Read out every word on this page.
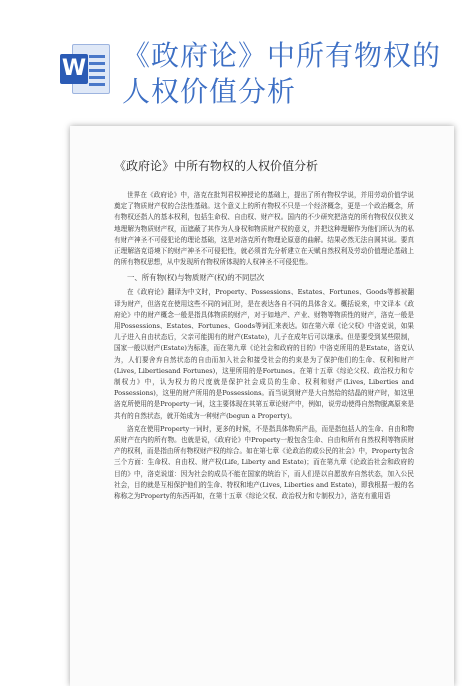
W 《政府论》中所有物权的人权价值分析
《政府论》中所有物权的人权价值分析

世界在《政府论》中，洛克在批判君权神授论的基础上，提出了所有物权学说，并用劳动价值学说奠定了物质财产权的合法性基础。这个意义上的所有物权不只是一个经济概念，更是一个政治概念，所有物权还指人的基本权利，包括生命权、自由权、财产权。国内的不少研究把洛克的所有物权仅仅狭义地理解为物质财产权，而遮蔽了其作为人身权和物质财产权的意义，并把这种理解作为他们所认为的私有财产神圣不可侵犯论的理论基础，这是对洛克所有物理论原意的曲解。结果必然无法自圆其说。要真正理解洛克语境下的财产神圣不可侵犯性，就必须首先分析建立在天赋自然权利及劳动价值理论基础上的所有物权思想，从中发现所有物权所体现的人权神圣不可侵犯性。

一、所有物(权)与物质财产(权)的不同层次

在《政府论》翻译为中文时，Property、Possessions、Estates、Fortunes、Goods等都被翻译为财产，但洛克在使用这些不同的词汇时，是在表达各自不同的具体含义。概括说来，中文译本《政府论》中的财产概念一般是指具体物质的财产，对于如地产、产业、财物等物质性的财产，洛克一般是用Possessions、Estates、Fortunes、Goods等词汇来表达。如在第六章《论父权》中洛克说，如果儿子进入自由状态后，父亲可能拥有的财产(Estate)，儿子在成年后可以继承。但是要受到某些限制，国家一般以财产(Estate)为标准，而在第九章《论社会和政府的目的》中洛克所用的是Estate，洛克认为，人们要舍弃自然状态的自由而加入社会和接受社会的约束是为了保护他们的生命、权利和财产(Lives, Libertiesand Fortunes)，这里所用的是Fortunes。在第十五章《综论父权、政治权力和专制权力》中，认为权力的尺度就是保护社会成员的生命、权利和财产(Lives, Liberties and Possessions)，这里的财产所用的是Possessions。而当说到财产是大自然给的结晶的财产时，如这里洛克所使用的是Property一词，这主要体现在其第五章论财产中，例如，说劳动使得自然物脱离原来是共有的自然状态，就开始成为一种财产(begun a Property)。

洛克在使用Property一词时，更多的时候，不是指具体物质产品，而是指包括人的生命、自由和物质财产在内的所有物。也就是说，《政府论》中Property一般包含生命、自由和所有自然权利等物质财产的权利，而是指由所有物权财产权的综合。如在第七章《论政治的或公民的社会》中，Property包含三个方面：生命权、自由权、财产权(Life, Liberty and Estate)；而在第九章《论政治社会和政府的目的》中，洛克说道：因为社会的成员不能在国家的统治下，而人们是以自愿放弃自然状态，加入公民社会，目的就是互相保护他们的生命、特权和地产(Lives, Liberties and Estate)，即我根据一般的名称称之为Property的东西再如，在第十五章《综论父权、政治权力和专制权力》，洛克有重用语

​
